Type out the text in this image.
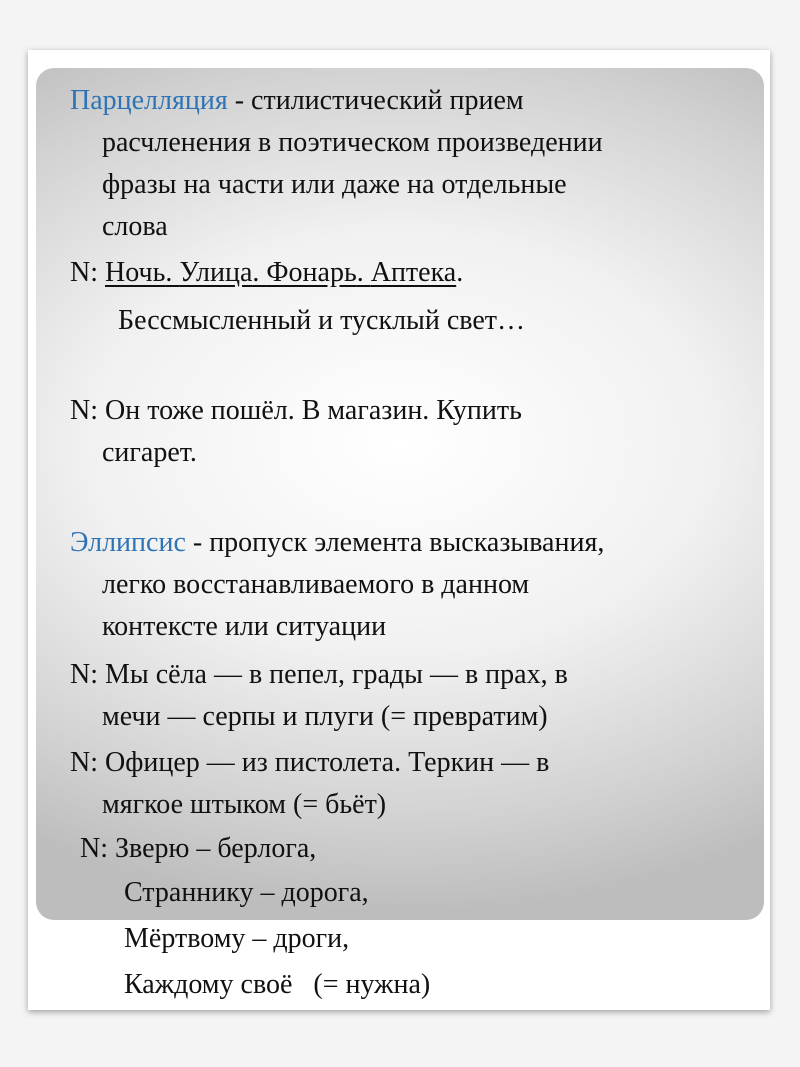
Парцелляция - стилистический прием
расчленения в поэтическом произведении
фразы на части или даже на отдельные
слова
N: Ночь. Улица. Фонарь. Аптека.
Бессмысленный и тусклый свет…
N: Он тоже пошёл. В магазин. Купить
сигарет.
Эллипсис - пропуск элемента высказывания,
легко восстанавливаемого в данном
контексте или ситуации
N: Мы сёла — в пепел, грады — в прах, в
мечи — серпы и плуги (= превратим)
N: Офицер — из пистолета. Теркин — в
мягкое штыком (= бьёт)
N: Зверю – берлога,
Страннику – дорога,
Мёртвому – дроги,
Каждому своё   (= нужна)
